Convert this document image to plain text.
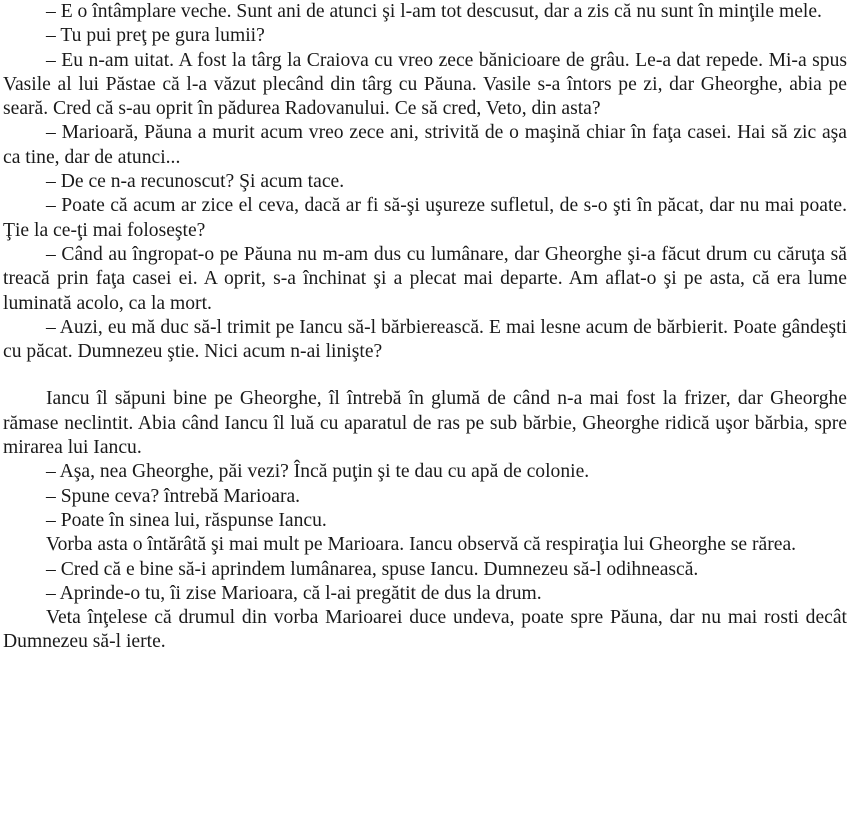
– E o întâmplare veche. Sunt ani de atunci şi l-am tot descusut, dar a zis că nu sunt în minţile mele.

– Tu pui preţ pe gura lumii?

– Eu n-am uitat. A fost la târg la Craiova cu vreo zece bănicioare de grâu. Le-a dat repede. Mi-a spus Vasile al lui Păstae că l-a văzut plecând din târg cu Păuna. Vasile s-a întors pe zi, dar Gheorghe, abia pe seară. Cred că s-au oprit în pădurea Radovanului. Ce să cred, Veto, din asta?

– Marioară, Păuna a murit acum vreo zece ani, strivită de o maşină chiar în faţa casei. Hai să zic aşa ca tine, dar de atunci...

– De ce n-a recunoscut? Şi acum tace.

– Poate că acum ar zice el ceva, dacă ar fi să-şi uşureze sufletul, de s-o şti în păcat, dar nu mai poate. Ţie la ce-ţi mai foloseşte?

– Când au îngropat-o pe Păuna nu m-am dus cu lumânare, dar Gheorghe şi-a făcut drum cu căruţa să treacă prin faţa casei ei. A oprit, s-a închinat şi a plecat mai departe. Am aflat-o şi pe asta, că era lume luminată acolo, ca la mort.

– Auzi, eu mă duc să-l trimit pe Iancu să-l bărbierească. E mai lesne acum de bărbierit. Poate gândeşti cu păcat. Dumnezeu ştie. Nici acum n-ai linişte?

Iancu îl săpuni bine pe Gheorghe, îl întrebă în glumă de când n-a mai fost la frizer, dar Gheorghe rămase neclintit. Abia când Iancu îl luă cu aparatul de ras pe sub bărbie, Gheorghe ridică uşor bărbia, spre mirarea lui Iancu.

– Aşa, nea Gheorghe, păi vezi? Încă puţin şi te dau cu apă de colonie.

– Spune ceva? întrebă Marioara.

– Poate în sinea lui, răspunse Iancu.

Vorba asta o întărâtă şi mai mult pe Marioara. Iancu observă că respiraţia lui Gheorghe se rărea.

– Cred că e bine să-i aprindem lumânarea, spuse Iancu. Dumnezeu să-l odihnească.

– Aprinde-o tu, îi zise Marioara, că l-ai pregătit de dus la drum.

Veta înţelese că drumul din vorba Marioarei duce undeva, poate spre Păuna, dar nu mai rosti decât Dumnezeu să-l ierte.
